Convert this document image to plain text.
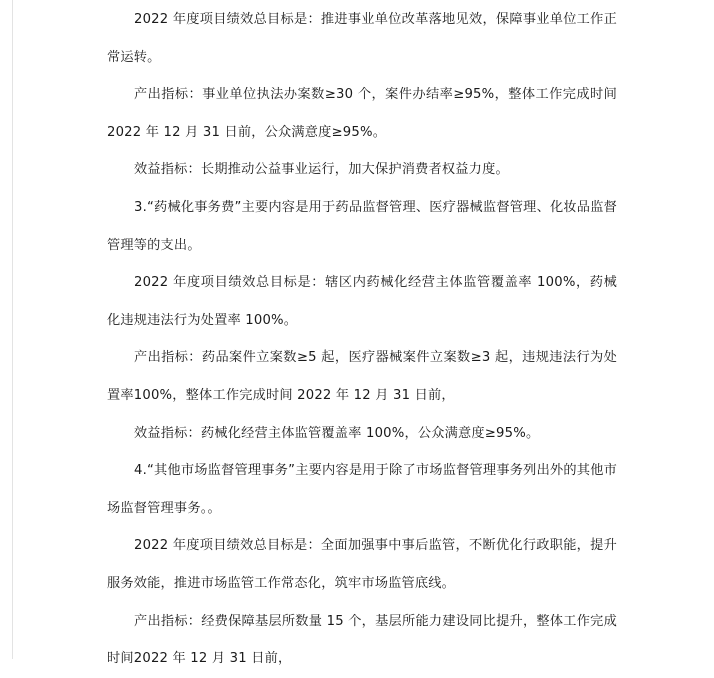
2022 年度项目绩效总目标是：推进事业单位改革落地见效，保障事业单位工作正常运转。

产出指标：事业单位执法办案数≥30 个，案件办结率≥95%，整体工作完成时间 2022 年 12 月 31 日前，公众满意度≥95%。

效益指标：长期推动公益事业运行，加大保护消费者权益力度。

3.“药械化事务费”主要内容是用于药品监督管理、医疗器械监督管理、化妆品监督管理等的支出。

2022 年度项目绩效总目标是：辖区内药械化经营主体监管覆盖率 100%，药械化违规违法行为处置率 100%。

产出指标：药品案件立案数≥5 起，医疗器械案件立案数≥3 起，违规违法行为处置率100%，整体工作完成时间 2022 年 12 月 31 日前，

效益指标：药械化经营主体监管覆盖率 100%，公众满意度≥95%。

4.“其他市场监督管理事务”主要内容是用于除了市场监督管理事务列出外的其他市场监督管理事务。。

2022 年度项目绩效总目标是：全面加强事中事后监管，不断优化行政职能，提升服务效能，推进市场监管工作常态化，筑牢市场监管底线。

产出指标：经费保障基层所数量 15 个，基层所能力建设同比提升，整体工作完成时间2022 年 12 月 31 日前，
